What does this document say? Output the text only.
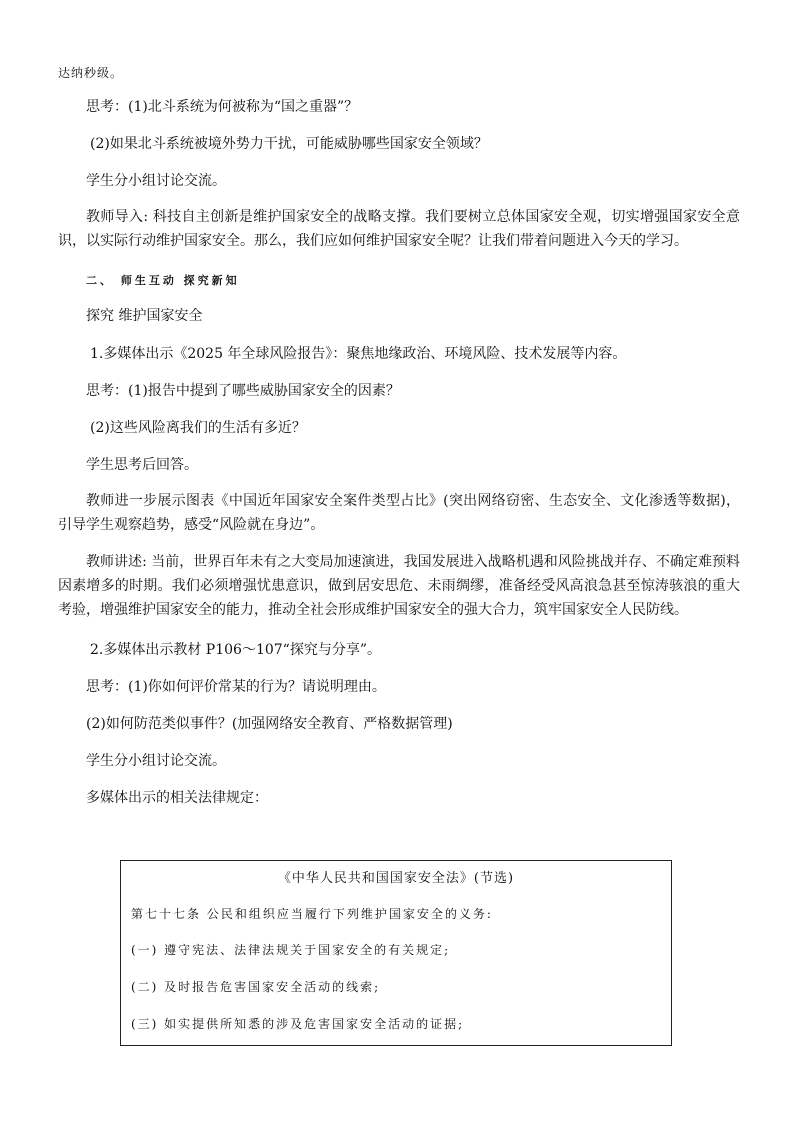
达纳秒级。
思考：(1)北斗系统为何被称为“国之重器”？
(2)如果北斗系统被境外势力干扰，可能威胁哪些国家安全领域？
学生分小组讨论交流。
教师导入: 科技自主创新是维护国家安全的战略支撑。我们要树立总体国家安全观，切实增强国家安全意识，以实际行动维护国家安全。那么，我们应如何维护国家安全呢？让我们带着问题进入今天的学习。
二、 师生互动 探究新知
探究 维护国家安全
1.多媒体出示《2025 年全球风险报告》：聚焦地缘政治、环境风险、技术发展等内容。
思考：(1)报告中提到了哪些威胁国家安全的因素？
(2)这些风险离我们的生活有多近？
学生思考后回答。
教师进一步展示图表《中国近年国家安全案件类型占比》(突出网络窃密、生态安全、文化渗透等数据)，引导学生观察趋势，感受“风险就在身边”。
教师讲述: 当前，世界百年未有之大变局加速演进，我国发展进入战略机遇和风险挑战并存、不确定难预料因素增多的时期。我们必须增强忧患意识，做到居安思危、未雨绸缪，准备经受风高浪急甚至惊涛骇浪的重大考验，增强维护国家安全的能力，推动全社会形成维护国家安全的强大合力，筑牢国家安全人民防线。
2.多媒体出示教材 P106～107“探究与分享”。
思考：(1)你如何评价常某的行为？请说明理由。
(2)如何防范类似事件？(加强网络安全教育、严格数据管理)
学生分小组讨论交流。
多媒体出示的相关法律规定：
《中华人民共和国国家安全法》(节选)
第七十七条 公民和组织应当履行下列维护国家安全的义务:
(一) 遵守宪法、法律法规关于国家安全的有关规定;
(二) 及时报告危害国家安全活动的线索;
(三) 如实提供所知悉的涉及危害国家安全活动的证据;
